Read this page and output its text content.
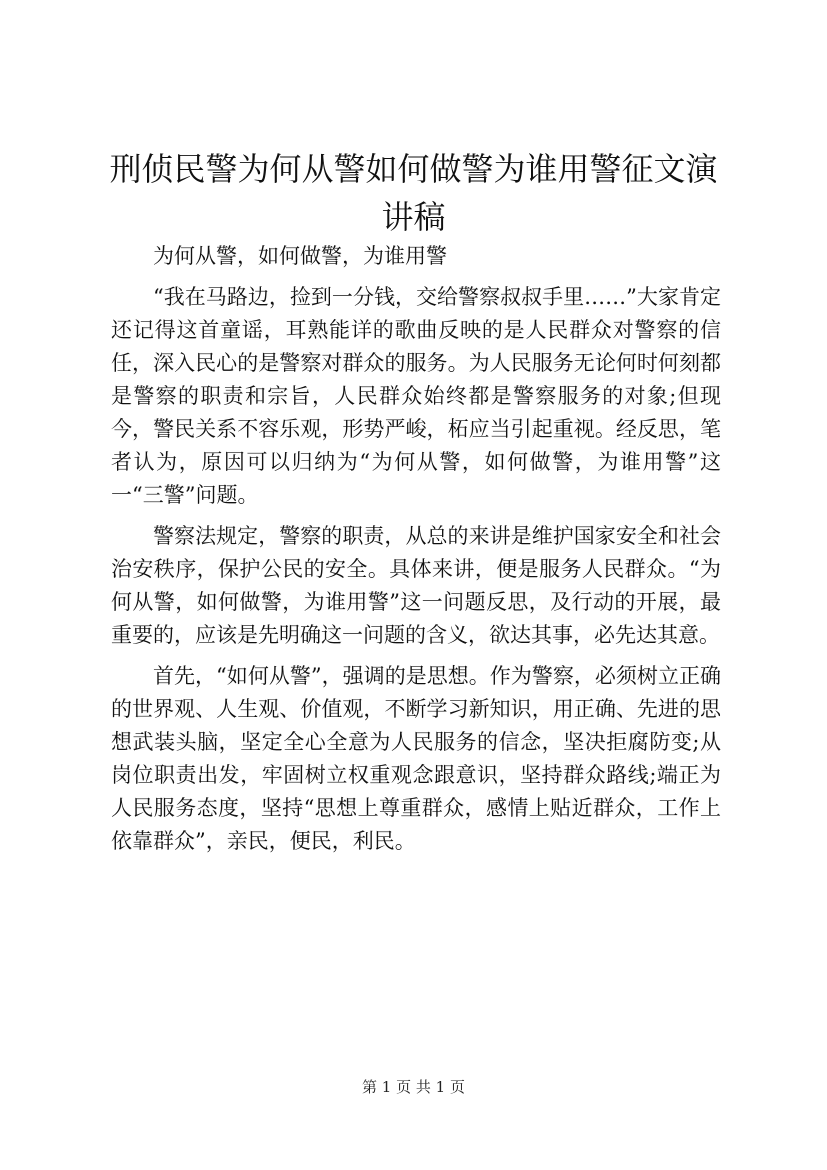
刑侦民警为何从警如何做警为谁用警征文演讲稿

为何从警，如何做警，为谁用警

“我在马路边，捡到一分钱，交给警察叔叔手里……”大家肯定还记得这首童谣，耳熟能详的歌曲反映的是人民群众对警察的信任，深入民心的是警察对群众的服务。为人民服务无论何时何刻都是警察的职责和宗旨，人民群众始终都是警察服务的对象;但现今，警民关系不容乐观，形势严峻，柘应当引起重视。经反思，笔者认为，原因可以归纳为“为何从警，如何做警，为谁用警”这一“三警”问题。

警察法规定，警察的职责，从总的来讲是维护国家安全和社会治安秩序，保护公民的安全。具体来讲，便是服务人民群众。“为何从警，如何做警，为谁用警”这一问题反思，及行动的开展，最重要的，应该是先明确这一问题的含义，欲达其事，必先达其意。

首先，“如何从警”，强调的是思想。作为警察，必须树立正确的世界观、人生观、价值观，不断学习新知识，用正确、先进的思想武装头脑，坚定全心全意为人民服务的信念，坚决拒腐防变;从岗位职责出发，牢固树立权重观念跟意识，坚持群众路线;端正为人民服务态度，坚持“思想上尊重群众，感情上贴近群众，工作上依靠群众”，亲民，便民，利民。

第 1 页 共 1 页
